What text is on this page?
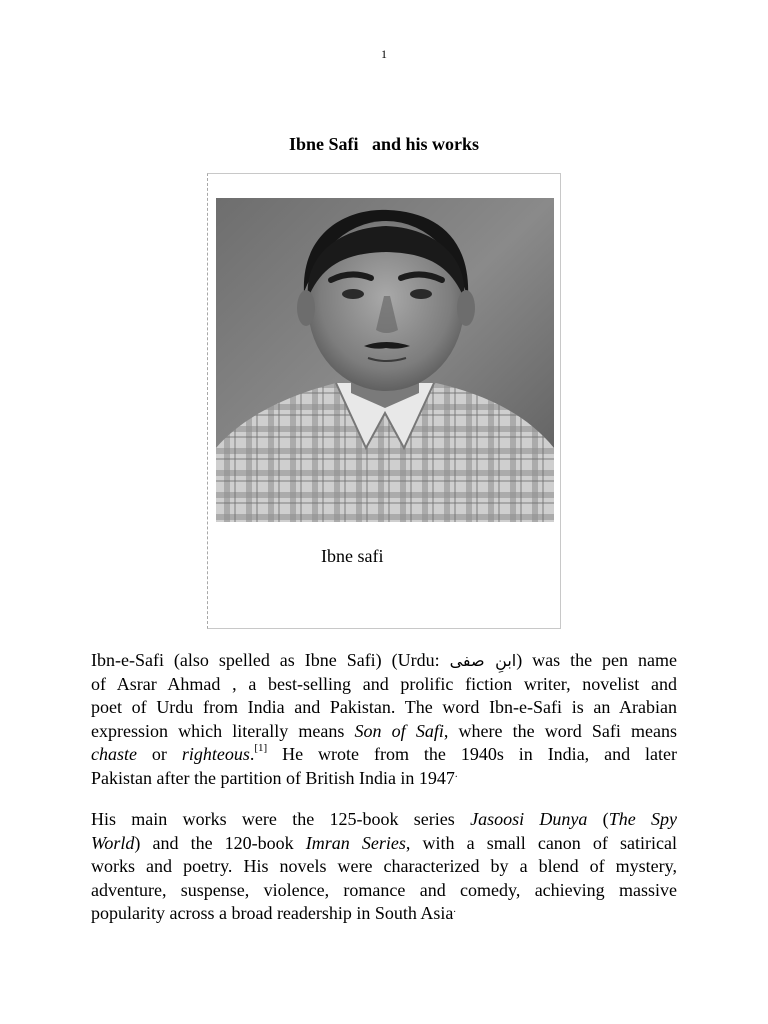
1
Ibne Safi   and his works
Ibne safi

Ibn-e-Safi (also spelled as Ibne Safi) (Urdu: ابنِ صفی) was the pen name
of Asrar Ahmad , a best-selling and prolific fiction writer, novelist and
poet of Urdu from India and Pakistan. The word Ibn-e-Safi is an Arabian
expression which literally means Son of Safi, where the word Safi means
chaste or righteous.[1] He wrote from the 1940s in India, and later
Pakistan after the partition of British India in 1947.

His main works were the 125-book series Jasoosi Dunya (The Spy
World) and the 120-book Imran Series, with a small canon of satirical
works and poetry. His novels were characterized by a blend of mystery,
adventure, suspense, violence, romance and comedy, achieving massive
popularity across a broad readership in South Asia.
